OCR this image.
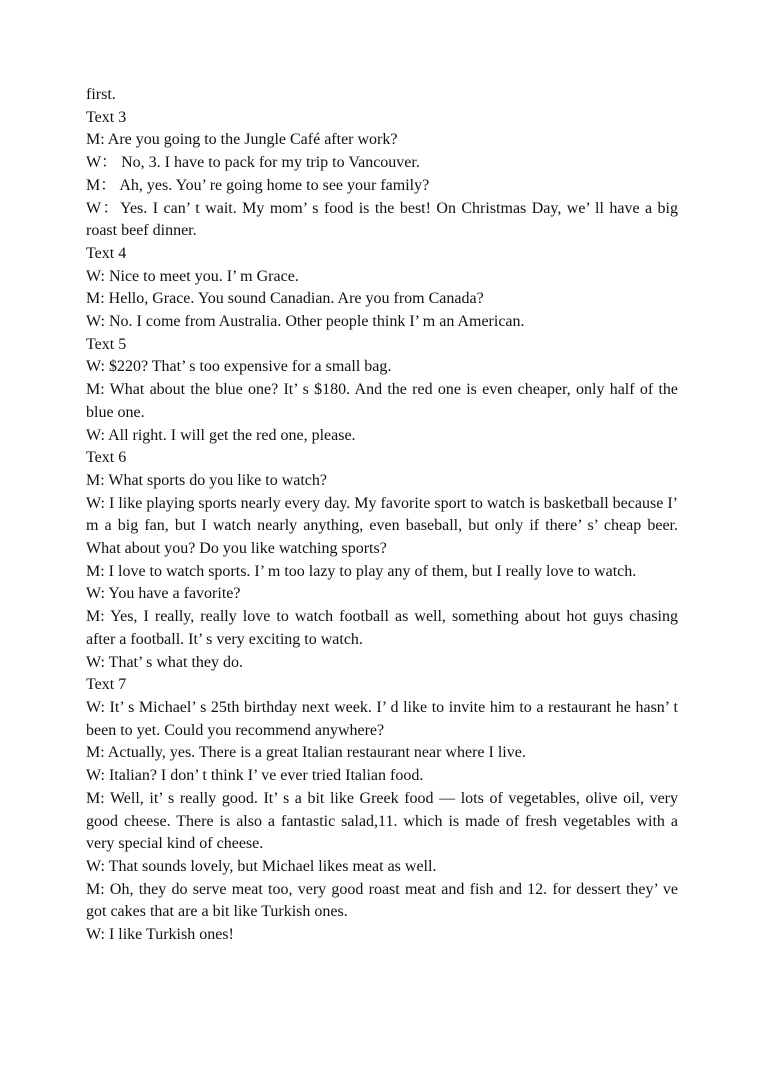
first.

Text 3

M: Are you going to the Jungle Café after work?

W： No, 3. I have to pack for my trip to Vancouver.

M： Ah, yes. You’ re going home to see your family?

W：Yes. I can’ t wait. My mom’ s food is the best! On Christmas Day, we’ ll have a big roast beef dinner.

Text 4

W: Nice to meet you. I’ m Grace.

M: Hello, Grace. You sound Canadian. Are you from Canada?

W: No. I come from Australia. Other people think I’ m an American.

Text 5

W: $220? That’ s too expensive for a small bag.

M: What about the blue one? It’ s $180. And the red one is even cheaper, only half of the blue one.

W: All right. I will get the red one, please.

Text 6

M: What sports do you like to watch?

W: I like playing sports nearly every day. My favorite sport to watch is basketball because I’ m a big fan, but I watch nearly anything, even baseball, but only if there’ s’ cheap beer. What about you? Do you like watching sports?

M: I love to watch sports. I’ m too lazy to play any of them, but I really love to watch.

W: You have a favorite?

M: Yes, I really, really love to watch football as well, something about hot guys chasing after a football. It’ s very exciting to watch.

W: That’ s what they do.

Text 7

W: It’ s Michael’ s 25th birthday next week. I’ d like to invite him to a restaurant he hasn’ t been to yet. Could you recommend anywhere?

M: Actually, yes. There is a great Italian restaurant near where I live.

W: Italian? I don’ t think I’ ve ever tried Italian food.

M: Well, it’ s really good. It’ s a bit like Greek food — lots of vegetables, olive oil, very good cheese. There is also a fantastic salad,11. which is made of fresh vegetables with a very special kind of cheese.

W: That sounds lovely, but Michael likes meat as well.

M: Oh, they do serve meat too, very good roast meat and fish and 12. for dessert they’ ve got cakes that are a bit like Turkish ones.

W: I like Turkish ones!
